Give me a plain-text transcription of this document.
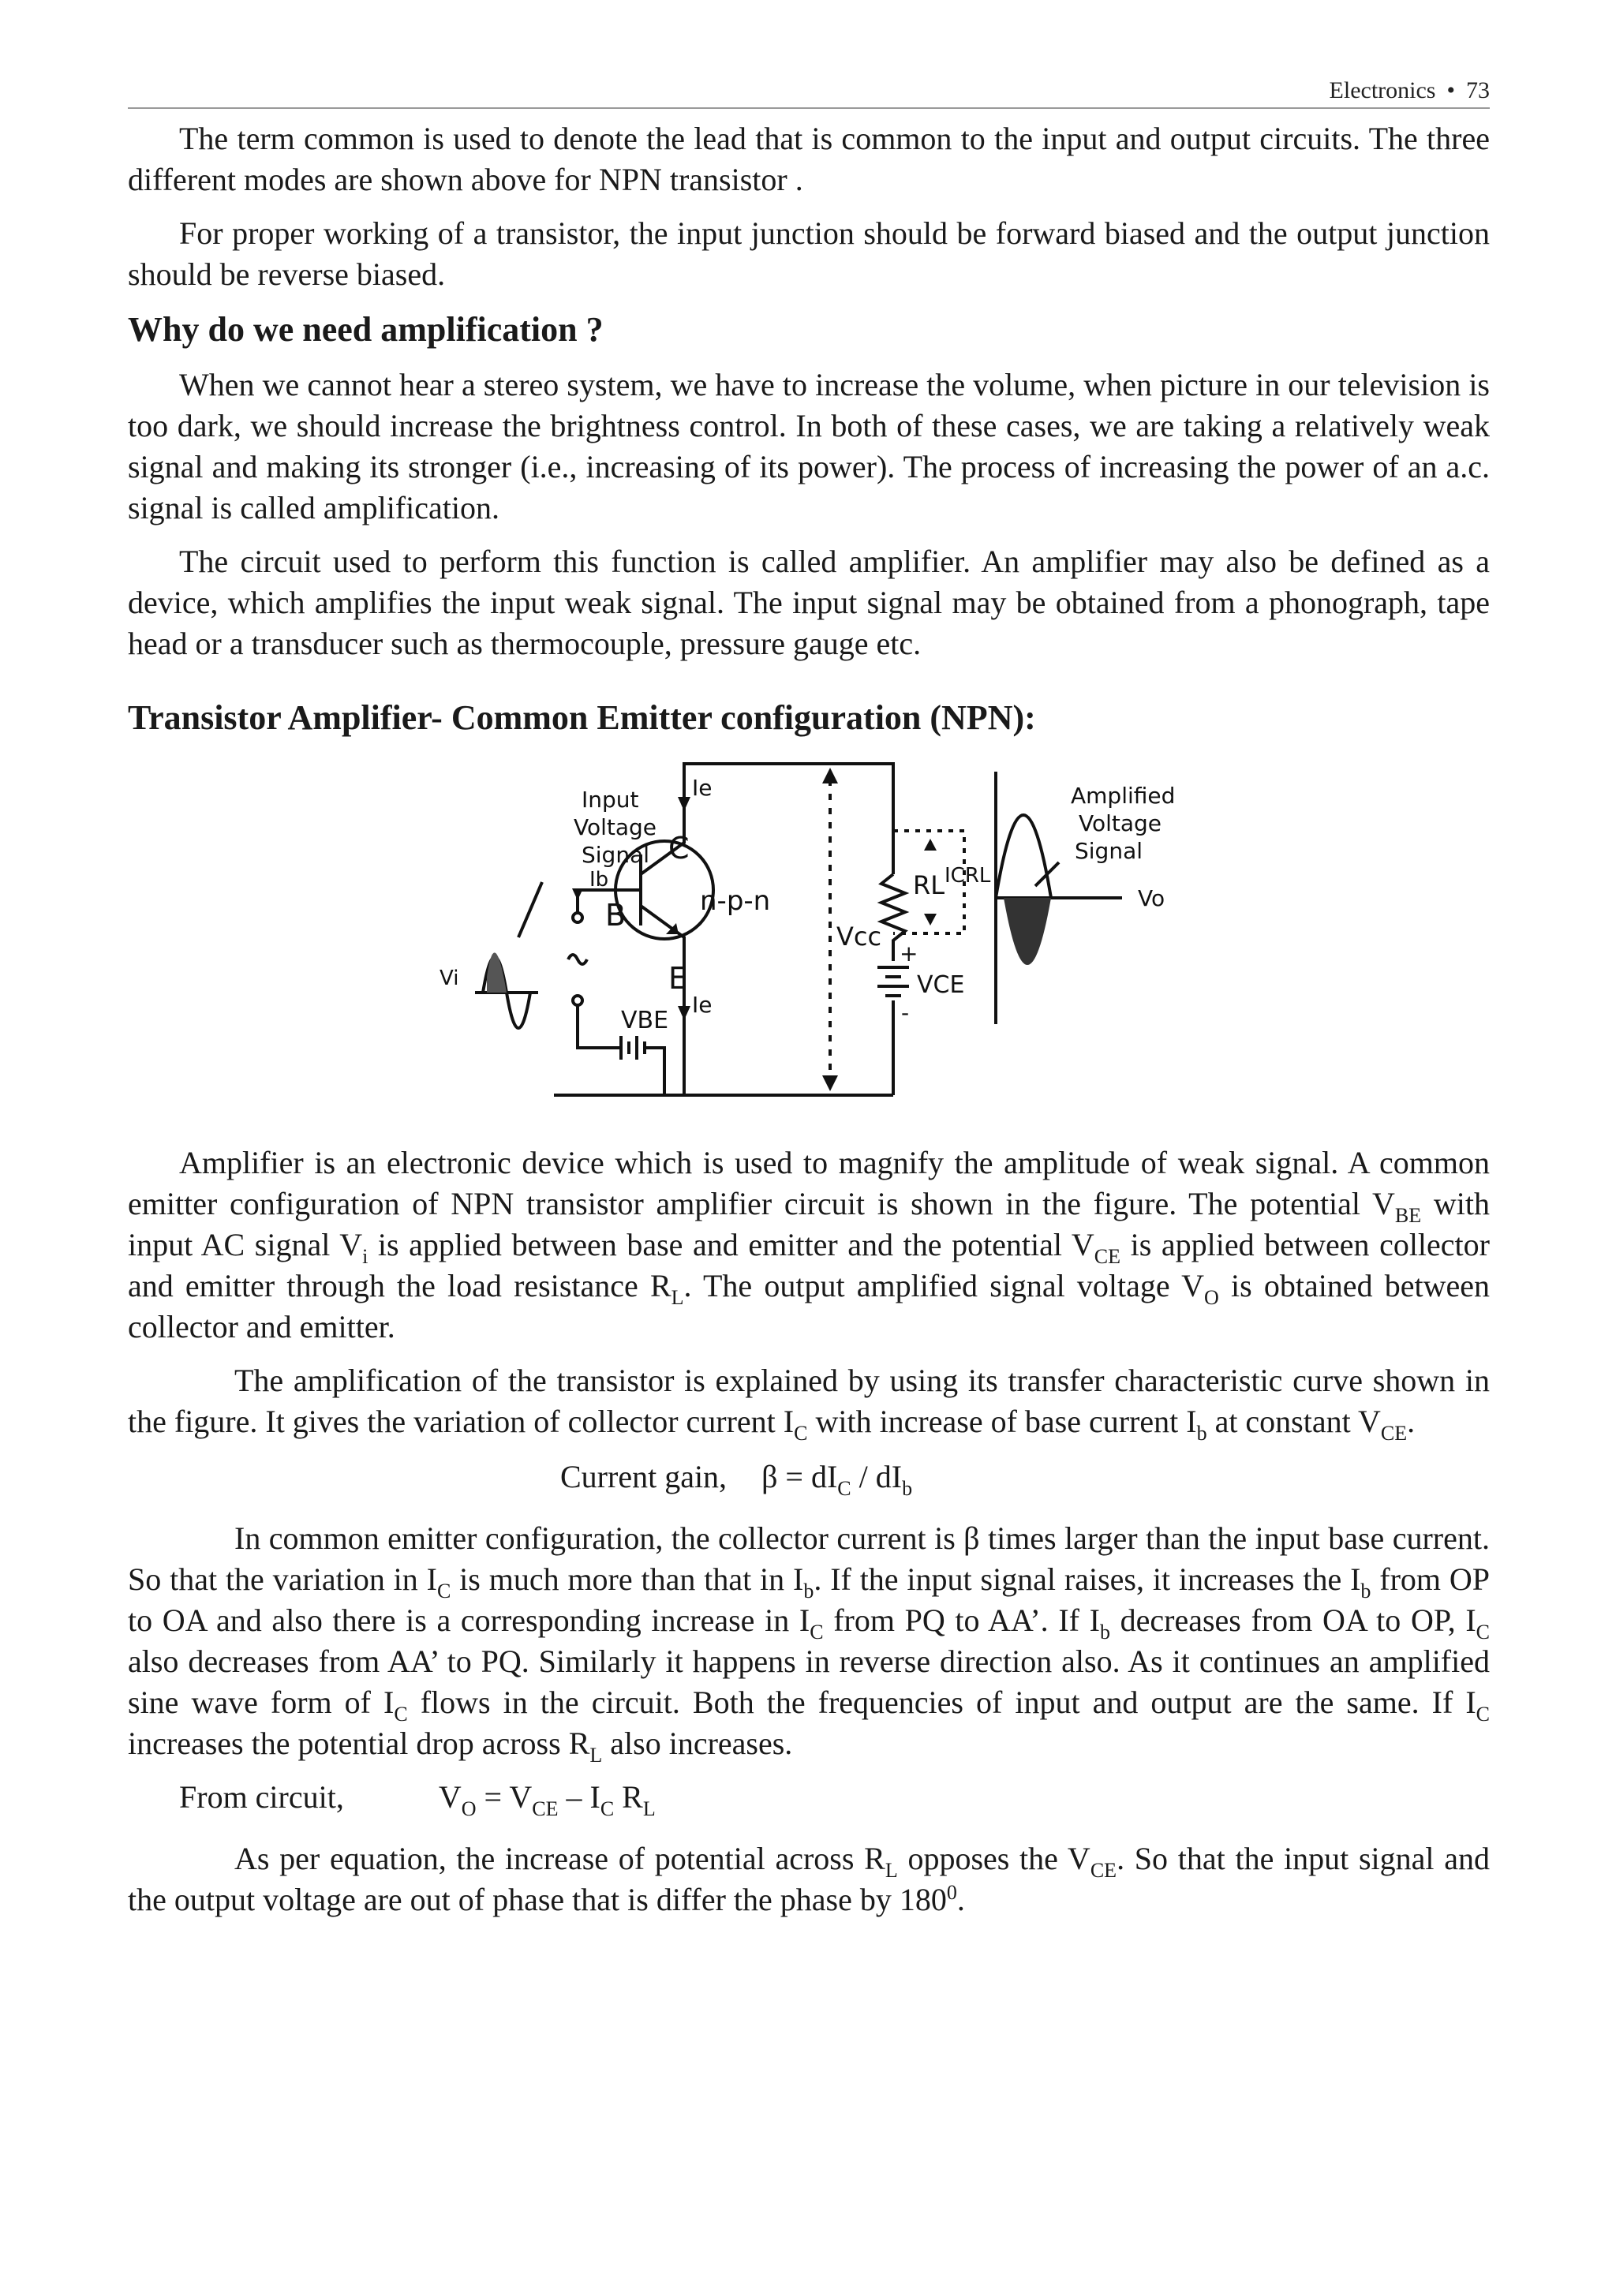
Electronics • 73

The term common is used to denote the lead that is common to the input and output circuits. The three different modes are shown above for NPN transistor .

For proper working of a transistor, the input junction should be forward biased and the output junction should be reverse biased.

Why do we need amplification ?

When we cannot hear a stereo system, we have to increase the volume, when picture in our television is too dark, we should increase the brightness control. In both of these cases, we are taking a relatively weak signal and making its stronger (i.e., increasing of its power). The process of increasing the power of an a.c. signal is called amplification.

The circuit used to perform this function is called amplifier. An amplifier may also be defined as a device, which amplifies the input weak signal. The input signal may be obtained from a phonograph, tape head or a transducer such as thermocouple, pressure gauge etc.

Transistor Amplifier- Common Emitter configuration (NPN):
Input
Voltage
Signal
Amplified
Voltage
Signal
Vo
Vi
C
B
E
n-p-n
Vcc
RL ICRL
VCE
VBE
Ib
Ie
Ie
+
-

Amplifier is an electronic device which is used to magnify the amplitude of weak signal. A common emitter configuration of NPN transistor amplifier circuit is shown in the figure. The potential $V_{BE}$ with input AC signal $V_i$ is applied between base and emitter and the potential $V_{CE}$ is applied between collector and emitter through the load resistance $R_L$. The output amplified signal voltage $V_O$ is obtained between collector and emitter.

The amplification of the transistor is explained by using its transfer characteristic curve shown in the figure. It gives the variation of collector current $I_C$ with increase of base current $I_b$ at constant $V_{CE}$.

Current gain, $\beta = dI_C / dI_b$

In common emitter configuration, the collector current is β times larger than the input base current. So that the variation in $I_C$ is much more than that in $I_b$. If the input signal raises, it increases the $I_b$ from OP to OA and also there is a corresponding increase in $I_C$ from PQ to AA’. If $I_b$ decreases from OA to OP, $I_C$ also decreases from AA’ to PQ. Similarly it happens in reverse direction also. As it continues an amplified sine wave form of $I_C$ flows in the circuit. Both the frequencies of input and output are the same. If $I_C$ increases the potential drop across $R_L$ also increases.

From circuit,	$V_O = V_{CE} - I_C$ $R_L$

As per equation, the increase of potential across $R_L$ opposes the $V_{CE}$. So that the input signal and the output voltage are out of phase that is differ the phase by $180^0$.
